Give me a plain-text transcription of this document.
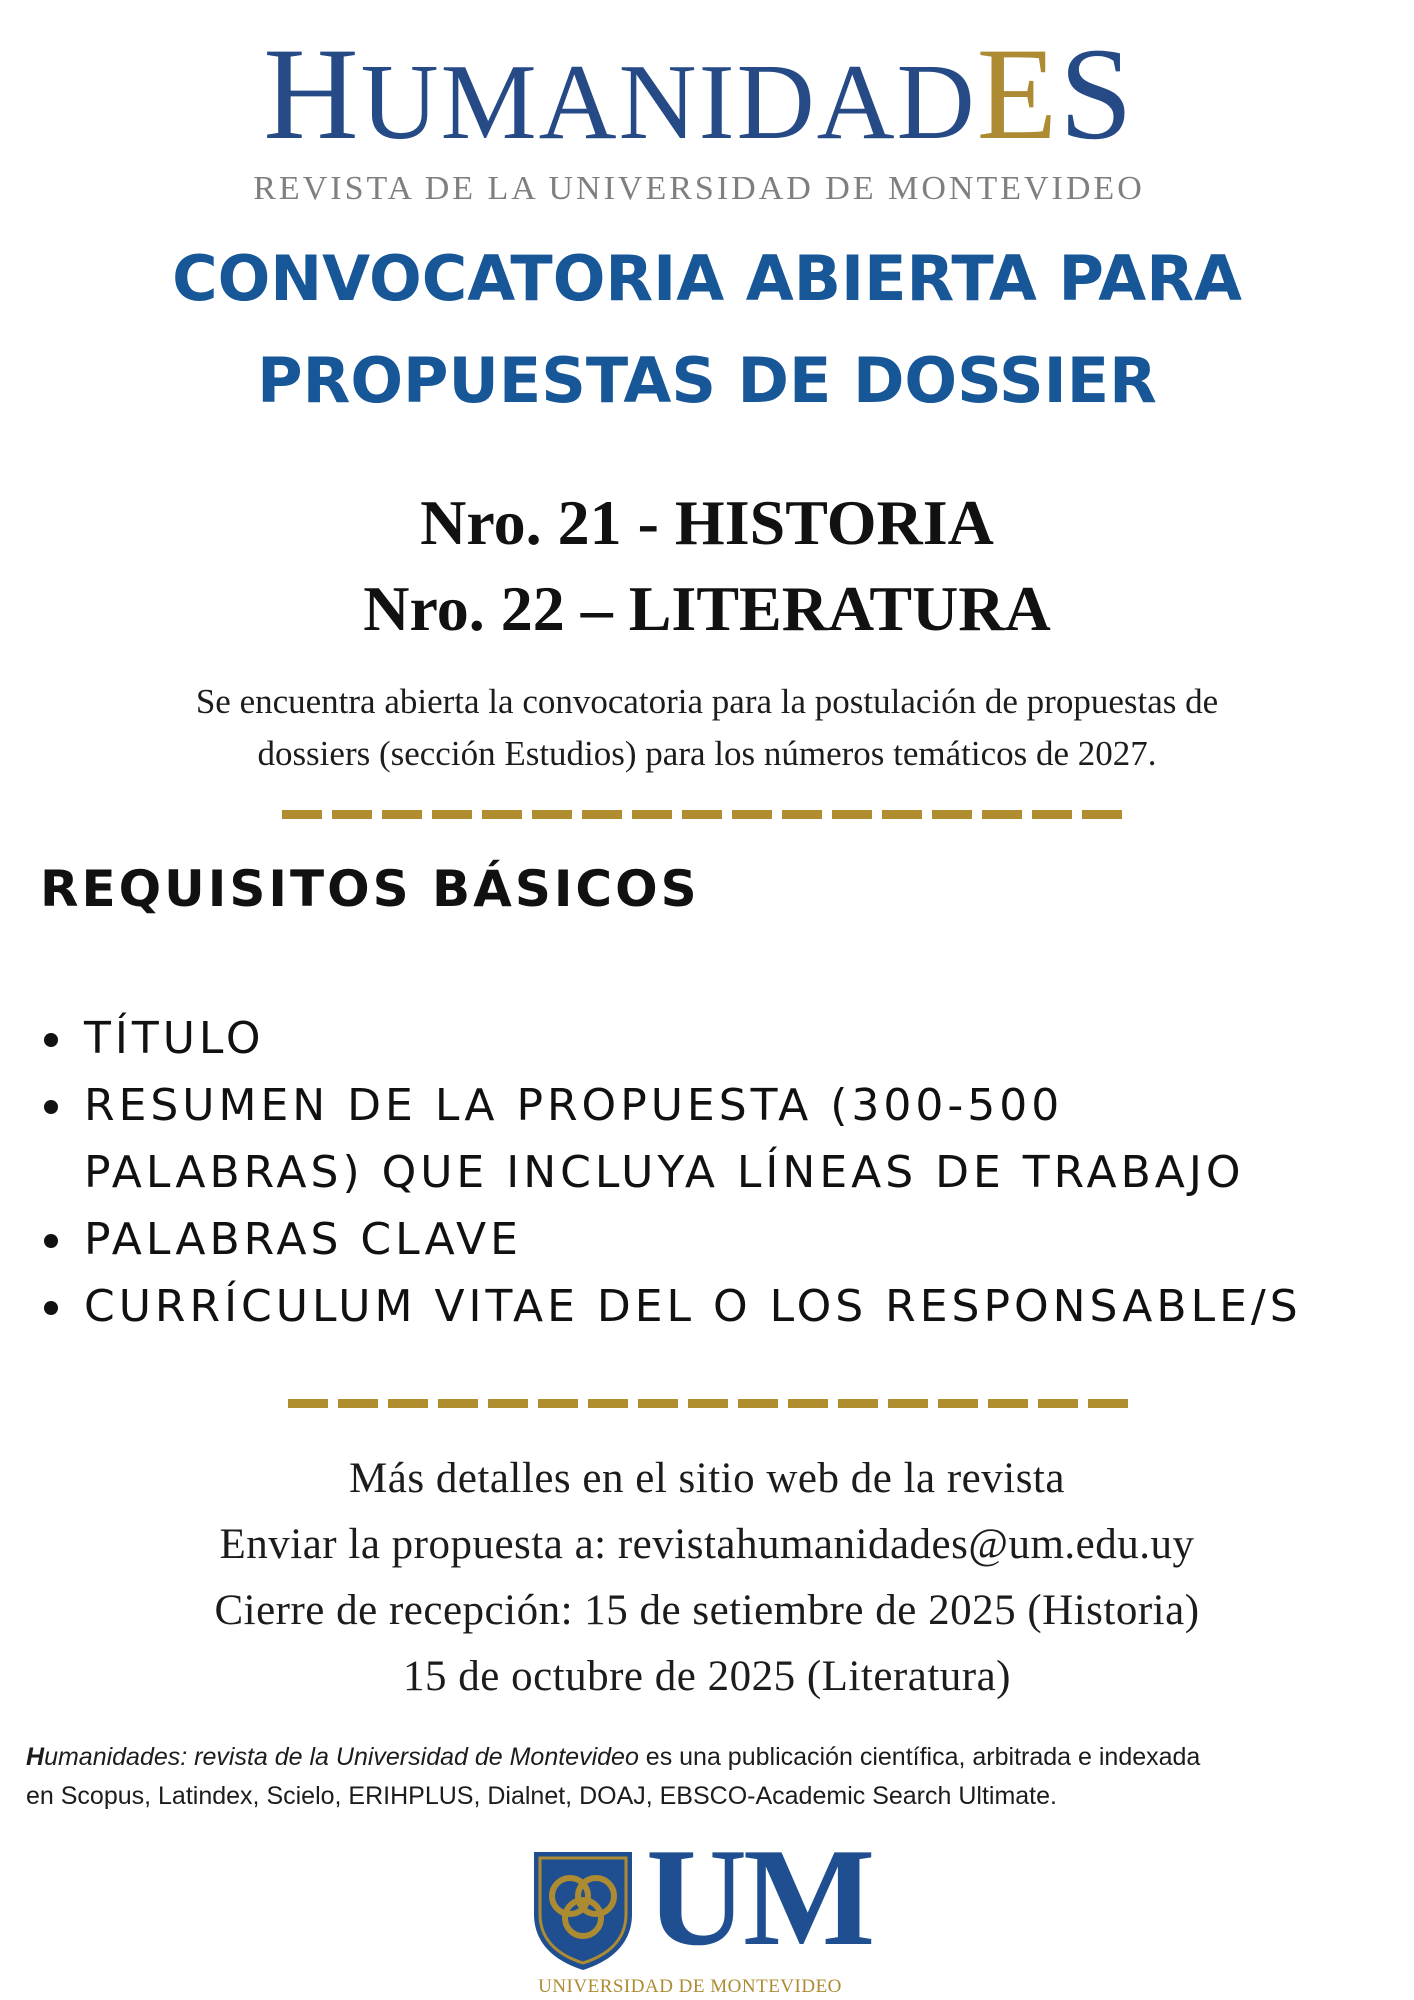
HUMANIDADES
REVISTA DE LA UNIVERSIDAD DE MONTEVIDEO
CONVOCATORIA ABIERTA PARA
PROPUESTAS DE DOSSIER
Nro. 21 - HISTORIA
Nro. 22 – LITERATURA
Se encuentra abierta la convocatoria para la postulación de propuestas de
dossiers (sección Estudios) para los números temáticos de 2027.
REQUISITOS BÁSICOS
TÍTULO
RESUMEN DE LA PROPUESTA (300-500
PALABRAS) QUE INCLUYA LÍNEAS DE TRABAJO
PALABRAS CLAVE
CURRÍCULUM VITAE DEL O LOS RESPONSABLE/S
Más detalles en el sitio web de la revista
Enviar la propuesta a: revistahumanidades@um.edu.uy
Cierre de recepción: 15 de setiembre de 2025 (Historia)
15 de octubre de 2025 (Literatura)
Humanidades: revista de la Universidad de Montevideo es una publicación científica, arbitrada e indexada
en Scopus, Latindex, Scielo, ERIHPLUS, Dialnet, DOAJ, EBSCO-Academic Search Ultimate.
UM
UNIVERSIDAD DE MONTEVIDEO
